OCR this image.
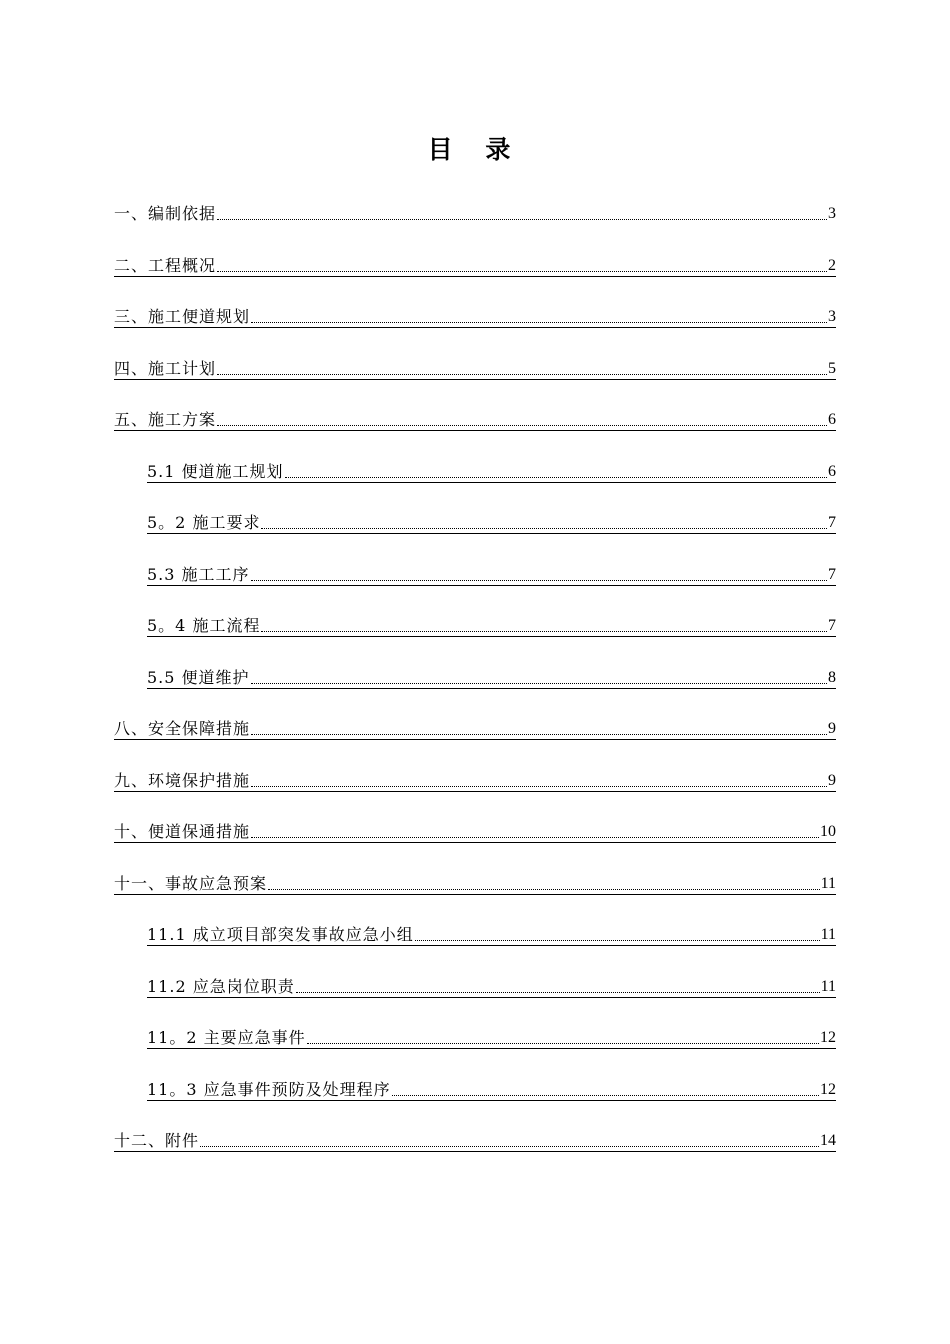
目 录
一、编制依据	3
二、工程概况	2
三、施工便道规划	3
四、施工计划	5
五、施工方案	6
5.1 便道施工规划	6
5。2 施工要求	7
5.3 施工工序	7
5。4 施工流程	7
5.5 便道维护	8
八、安全保障措施	9
九、环境保护措施	9
十、便道保通措施	10
十一、事故应急预案	11
11.1 成立项目部突发事故应急小组	11
11.2 应急岗位职责	11
11。2 主要应急事件	12
11。3 应急事件预防及处理程序	12
十二、附件	14
